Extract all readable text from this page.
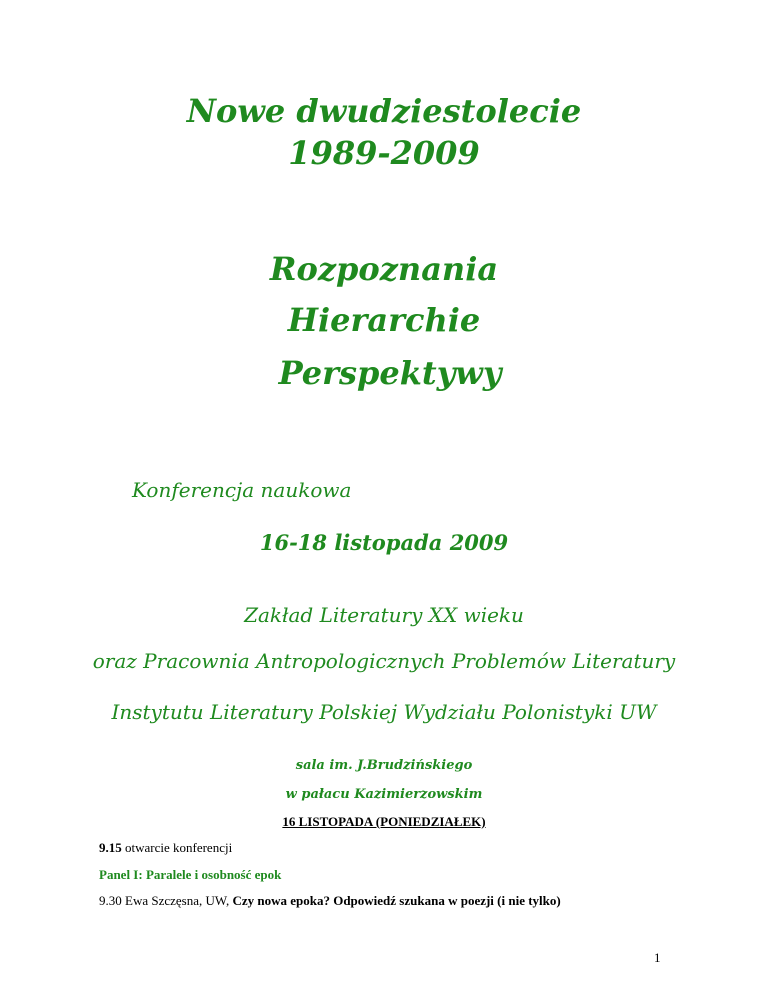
Nowe dwudziestolecie
1989-2009
Rozpoznania
Hierarchie
Perspektywy
Konferencja naukowa
16-18 listopada 2009
Zakład Literatury XX wieku
oraz Pracownia Antropologicznych Problemów Literatury
Instytutu Literatury Polskiej Wydziału Polonistyki UW
sala im. J.Brudzińskiego
w pałacu Kazimierzowskim
16 LISTOPADA (PONIEDZIAŁEK)
9.15 otwarcie konferencji
Panel I: Paralele i osobność epok
9.30 Ewa Szczęsna, UW, Czy nowa epoka? Odpowiedź szukana w poezji (i nie tylko)
1
